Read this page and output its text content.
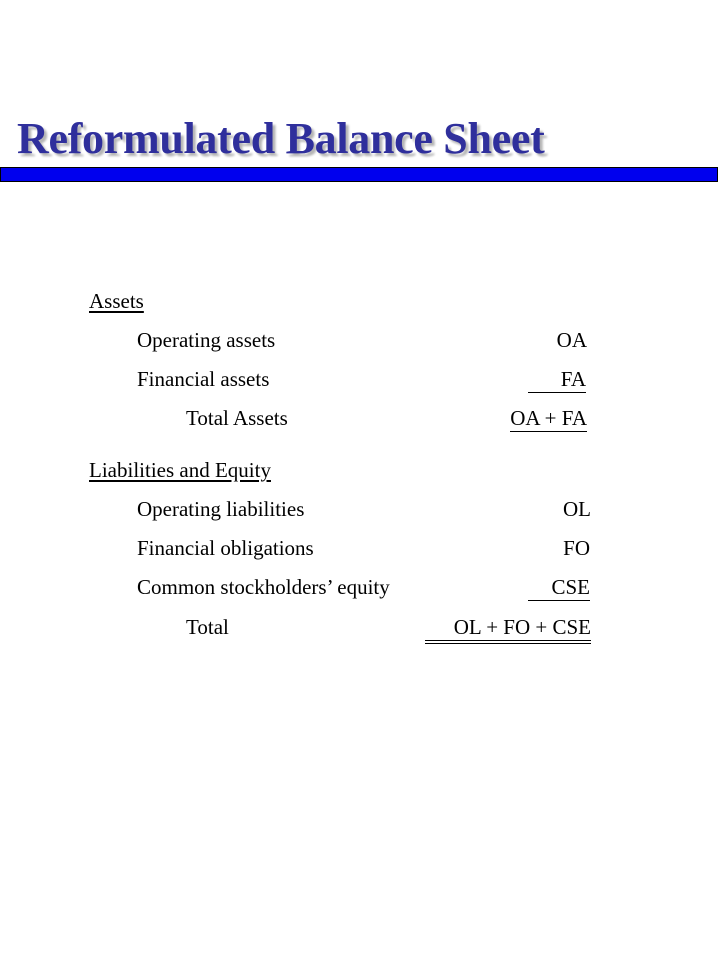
Reformulated Balance Sheet
Assets
Operating assets	OA
Financial assets	FA
Total Assets	OA + FA
Liabilities and Equity
Operating liabilities	OL
Financial obligations	FO
Common stockholders’ equity	CSE
Total	OL + FO + CSE
